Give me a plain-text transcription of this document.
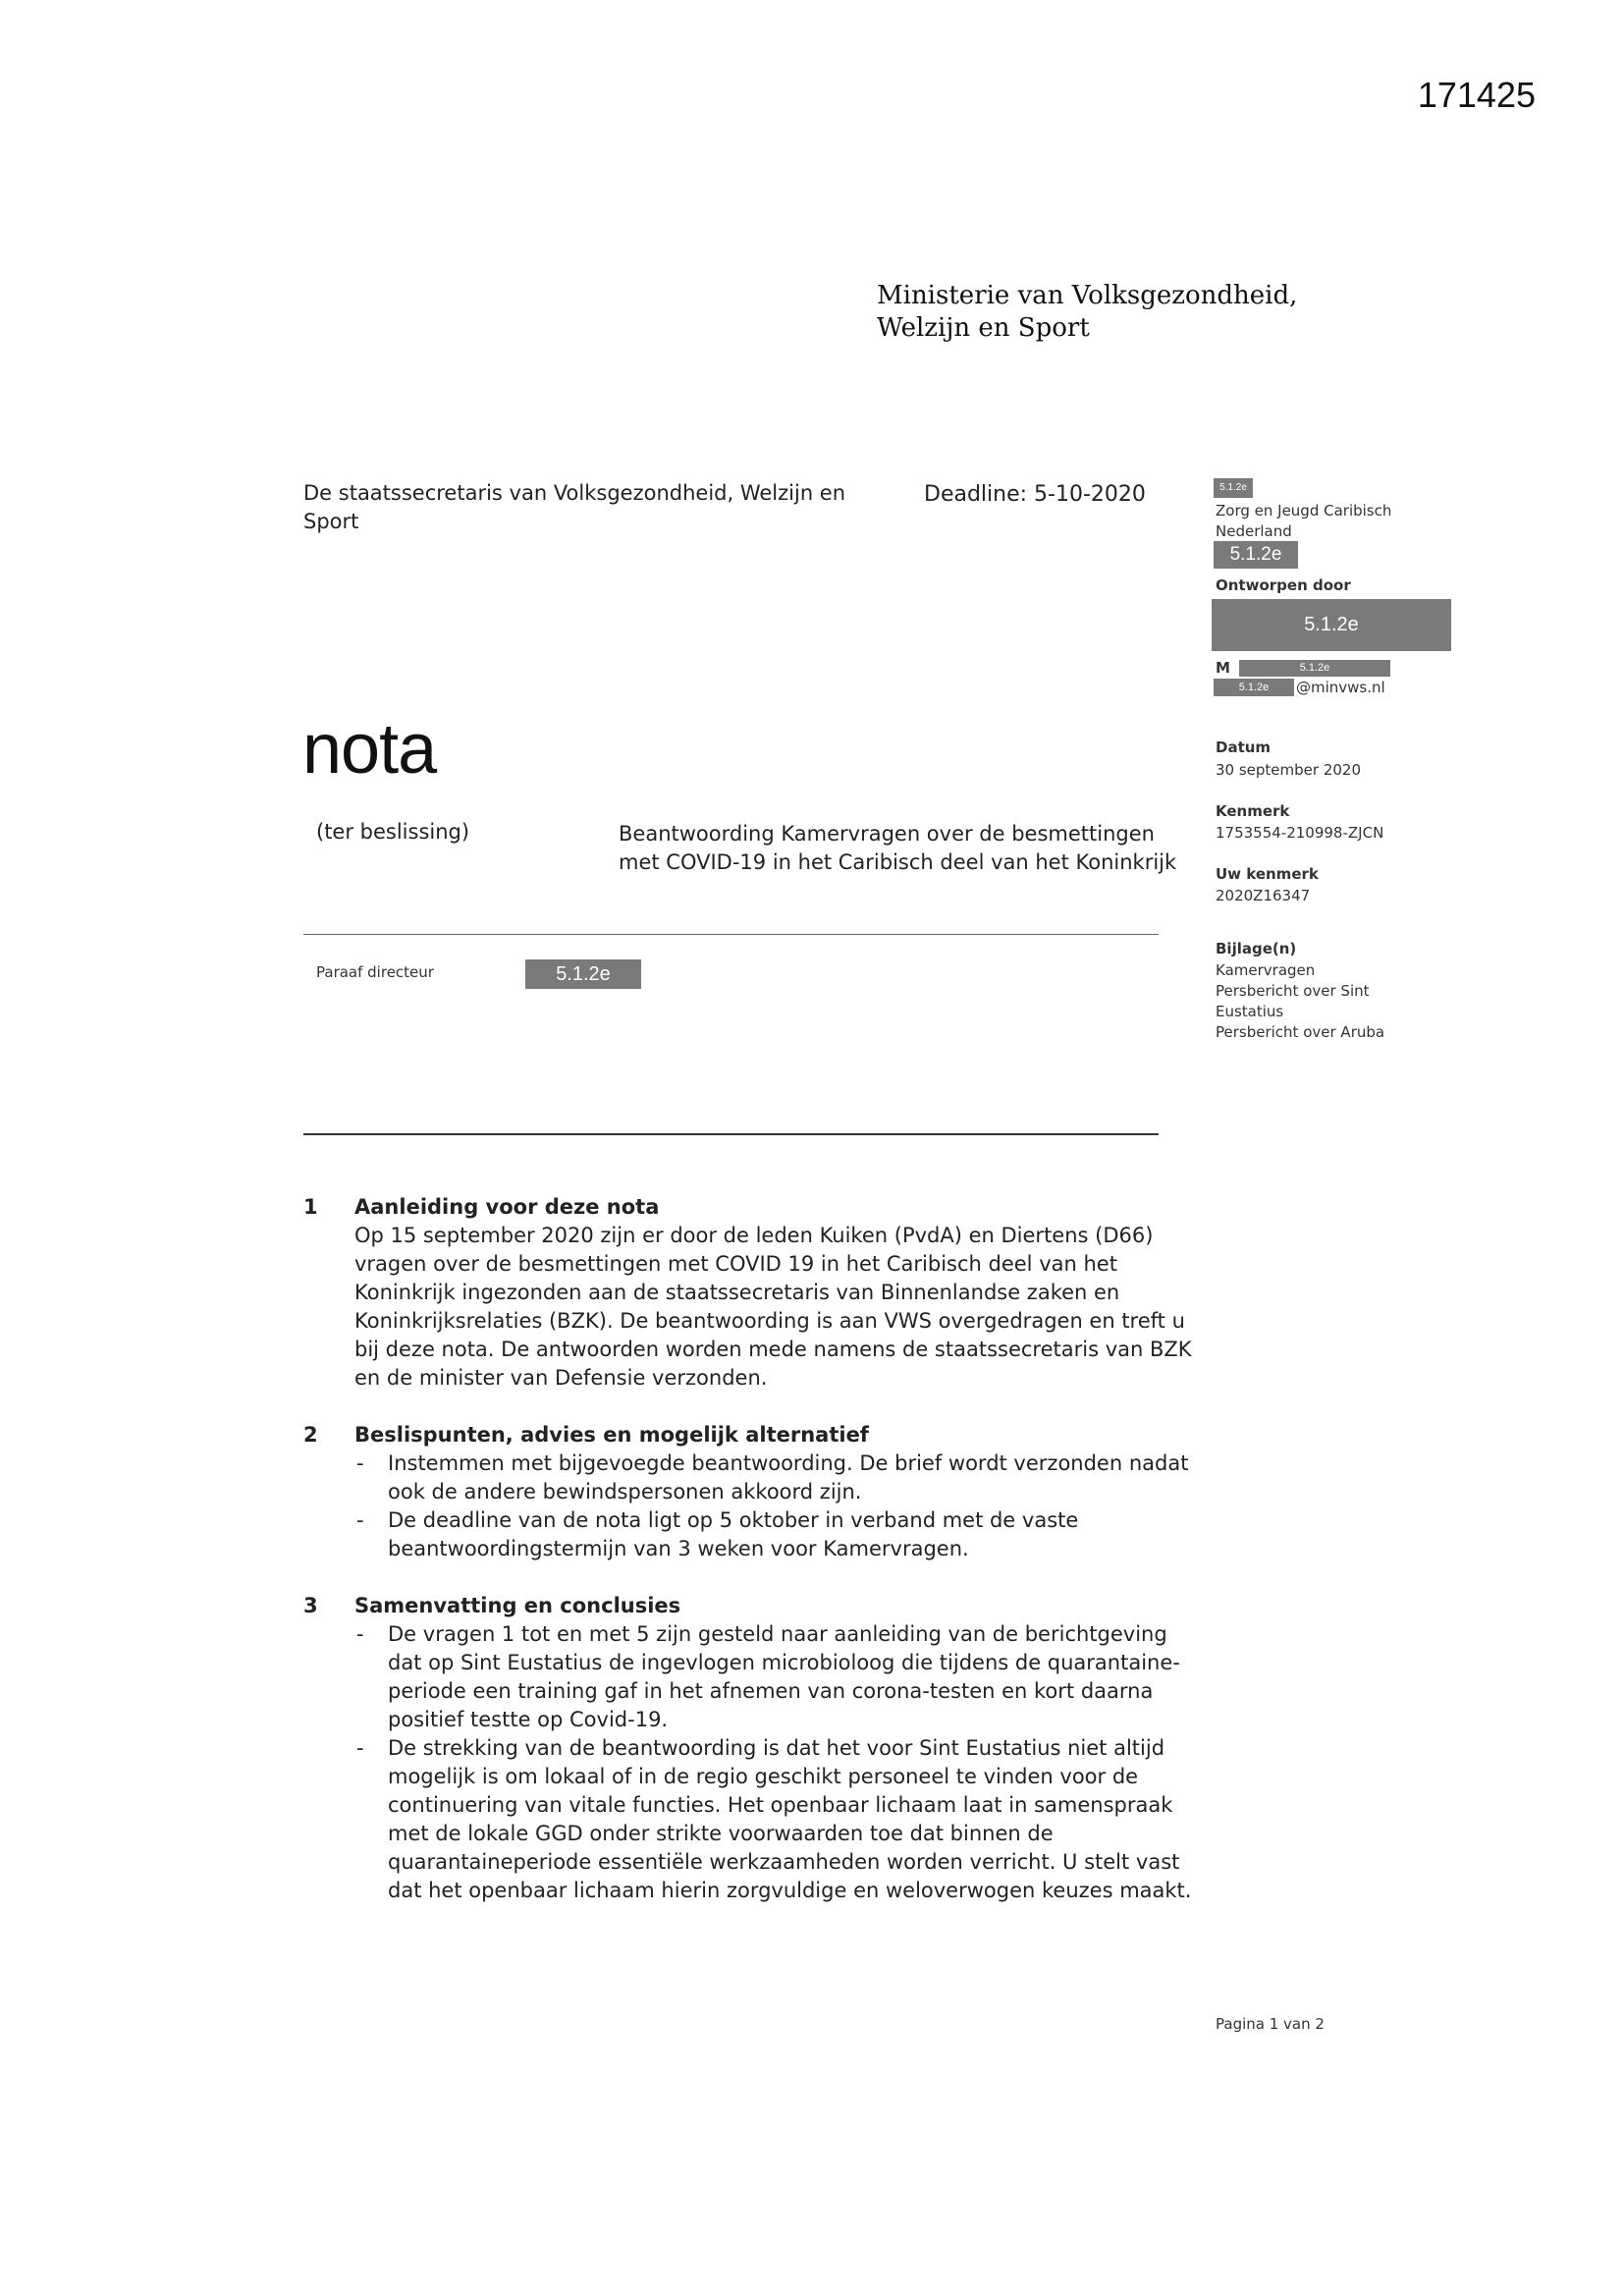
171425
Ministerie van Volksgezondheid,
Welzijn en Sport
De staatssecretaris van Volksgezondheid, Welzijn en Sport
Deadline: 5-10-2020	5.1.2e
Zorg en Jeugd Caribisch Nederland
5.1.2e
Ontworpen door
5.1.2e
M	5.1.2e
5.1.2e	@minvws.nl
Datum
30 september 2020
Kenmerk
1753554-210998-ZJCN
Uw kenmerk
2020Z16347
Bijlage(n)
Kamervragen
Persbericht over Sint Eustatius
Persbericht over Aruba
nota
(ter beslissing)	Beantwoording Kamervragen over de besmettingen met COVID-19 in het Caribisch deel van het Koninkrijk
Paraaf directeur	5.1.2e
1 Aanleiding voor deze nota
Op 15 september 2020 zijn er door de leden Kuiken (PvdA) en Diertens (D66) vragen over de besmettingen met COVID 19 in het Caribisch deel van het Koninkrijk ingezonden aan de staatssecretaris van Binnenlandse zaken en Koninkrijksrelaties (BZK). De beantwoording is aan VWS overgedragen en treft u bij deze nota. De antwoorden worden mede namens de staatssecretaris van BZK en de minister van Defensie verzonden.
2 Beslispunten, advies en mogelijk alternatief
- Instemmen met bijgevoegde beantwoording. De brief wordt verzonden nadat ook de andere bewindspersonen akkoord zijn.
- De deadline van de nota ligt op 5 oktober in verband met de vaste beantwoordingstermijn van 3 weken voor Kamervragen.
3 Samenvatting en conclusies
- De vragen 1 tot en met 5 zijn gesteld naar aanleiding van de berichtgeving dat op Sint Eustatius de ingevlogen microbioloog die tijdens de quarantaine-periode een training gaf in het afnemen van corona-testen en kort daarna positief testte op Covid-19.
- De strekking van de beantwoording is dat het voor Sint Eustatius niet altijd mogelijk is om lokaal of in de regio geschikt personeel te vinden voor de continuering van vitale functies. Het openbaar lichaam laat in samenspraak met de lokale GGD onder strikte voorwaarden toe dat binnen de quarantaineperiode essentiële werkzaamheden worden verricht. U stelt vast dat het openbaar lichaam hierin zorgvuldige en weloverwogen keuzes maakt.
Pagina 1 van 2
